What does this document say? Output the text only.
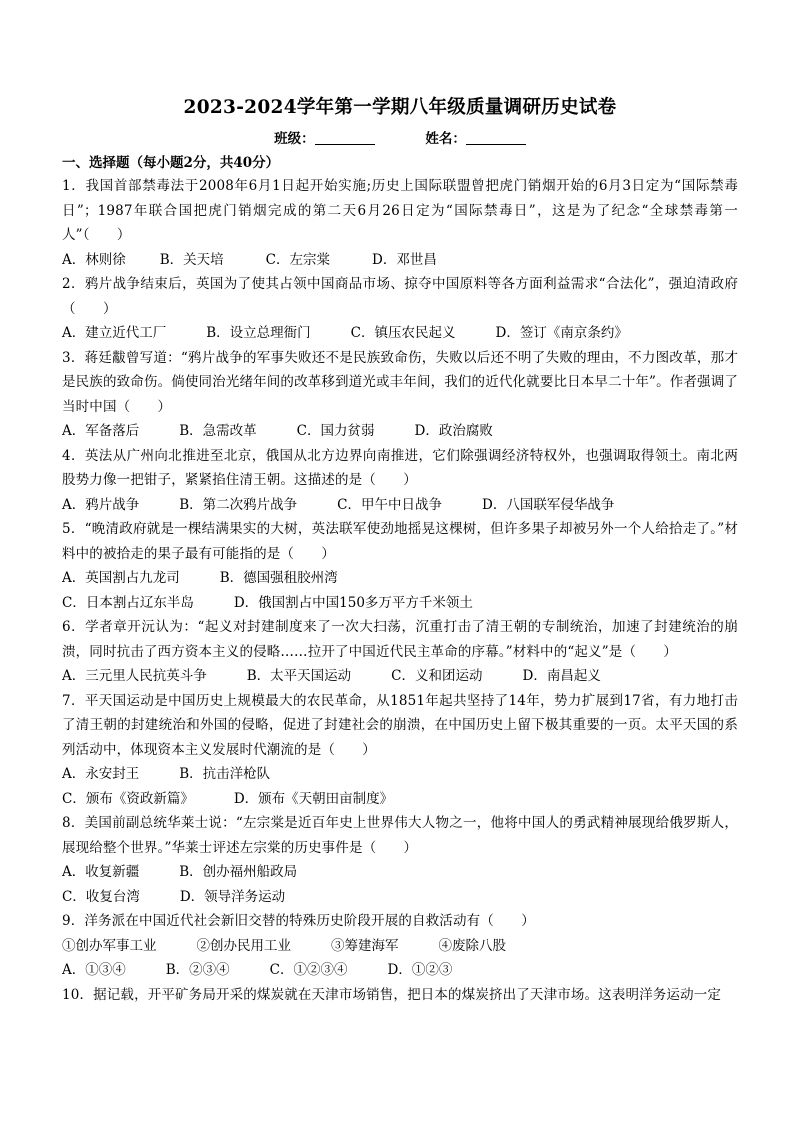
2023-2024学年第一学期八年级质量调研历史试卷
班级：	姓名：
一、选择题（每小题2分，共40分）

1．我国首部禁毒法于2008年6月1日起开始实施;历史上国际联盟曾把虎门销烟开始的6月3日定为“国际禁毒日”；1987年联合国把虎门销烟完成的第二天6月26日定为“国际禁毒日”，这是为了纪念“全球禁毒第一人”（　　）

A．林则徐	B．关天培	C．左宗棠	D．邓世昌

2．鸦片战争结束后，英国为了使其占领中国商品市场、掠夺中国原料等各方面利益需求“合法化”，强迫清政府（　　）

A．建立近代工厂	B．设立总理衙门	C．镇压农民起义	D．签订《南京条约》

3．蒋廷黻曾写道：“鸦片战争的军事失败还不是民族致命伤，失败以后还不明了失败的理由，不力图改革，那才是民族的致命伤。倘使同治光绪年间的改革移到道光或丰年间，我们的近代化就要比日本早二十年”。作者强调了当时中国（　　）

A．军备落后	B．急需改革	C．国力贫弱	D．政治腐败

4．英法从广州向北推进至北京，俄国从北方边界向南推进，它们除强调经济特权外，也强调取得领土。南北两股势力像一把钳子，紧紧掐住清王朝。这描述的是（　　）

A．鸦片战争	B．第二次鸦片战争	C．甲午中日战争	D．八国联军侵华战争

5．“晚清政府就是一棵结满果实的大树，英法联军使劲地摇晃这棵树，但许多果子却被另外一个人给拾走了。”材料中的被拾走的果子最有可能指的是（　　）

A．英国割占九龙司	B．德国强租胶州湾
C．日本割占辽东半岛	D．俄国割占中国150多万平方千米领土

6．学者章开沅认为：“起义对封建制度来了一次大扫荡，沉重打击了清王朝的专制统治，加速了封建统治的崩溃，同时抗击了西方资本主义的侵略……拉开了中国近代民主革命的序幕。”材料中的“起义”是（　　）

A．三元里人民抗英斗争	B．太平天国运动	C．义和团运动	D．南昌起义

7．平天国运动是中国历史上规模最大的农民革命，从1851年起共坚持了14年，势力扩展到17省，有力地打击了清王朝的封建统治和外国的侵略，促进了封建社会的崩溃，在中国历史上留下极其重要的一页。太平天国的系列活动中，体现资本主义发展时代潮流的是（　　）

A．永安封王	B．抗击洋枪队
C．颁布《资政新篇》	D．颁布《天朝田亩制度》

8．美国前副总统华莱士说：“左宗棠是近百年史上世界伟大人物之一，他将中国人的勇武精神展现给俄罗斯人，展现给整个世界。”华莱士评述左宗棠的历史事件是（　　）

A．收复新疆	B．创办福州船政局
C．收复台湾	D．领导洋务运动

9．洋务派在中国近代社会新旧交替的特殊历史阶段开展的自救活动有（　　）

①创办军事工业	②创办民用工业	③筹建海军	④废除八股
A．①③④	B．②③④	C．①②③④	D．①②③

10．据记载，开平矿务局开采的煤炭就在天津市场销售，把日本的煤炭挤出了天津市场。这表明洋务运动一定
